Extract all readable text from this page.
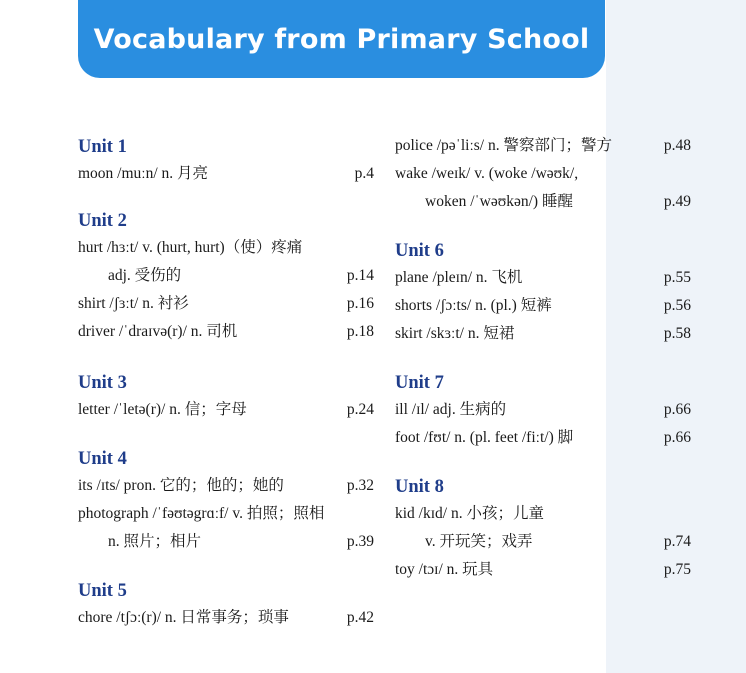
Vocabulary from Primary School
Unit 1
moon /muːn/ n. 月亮	p.4
Unit 2
hurt /hɜːt/ v. (hurt, hurt)（使）疼痛
adj. 受伤的	p.14
shirt /ʃɜːt/ n. 衬衫	p.16
driver /ˈdraɪvə(r)/ n. 司机	p.18
Unit 3
letter /ˈletə(r)/ n. 信；字母	p.24
Unit 4
its /ɪts/ pron. 它的；他的；她的	p.32
photograph /ˈfəʊtəgrɑːf/ v. 拍照；照相
n. 照片；相片	p.39
Unit 5
chore /tʃɔː(r)/ n. 日常事务；琐事	p.42
police /pəˈliːs/ n. 警察部门；警方	p.48
wake /weɪk/ v. (woke /wəʊk/,
woken /ˈwəʊkən/) 睡醒	p.49
Unit 6
plane /pleɪn/ n. 飞机	p.55
shorts /ʃɔːts/ n. (pl.) 短裤	p.56
skirt /skɜːt/ n. 短裙	p.58
Unit 7
ill /ɪl/ adj. 生病的	p.66
foot /fʊt/ n. (pl. feet /fiːt/) 脚	p.66
Unit 8
kid /kɪd/ n. 小孩；儿童
v. 开玩笑；戏弄	p.74
toy /tɔɪ/ n. 玩具	p.75
